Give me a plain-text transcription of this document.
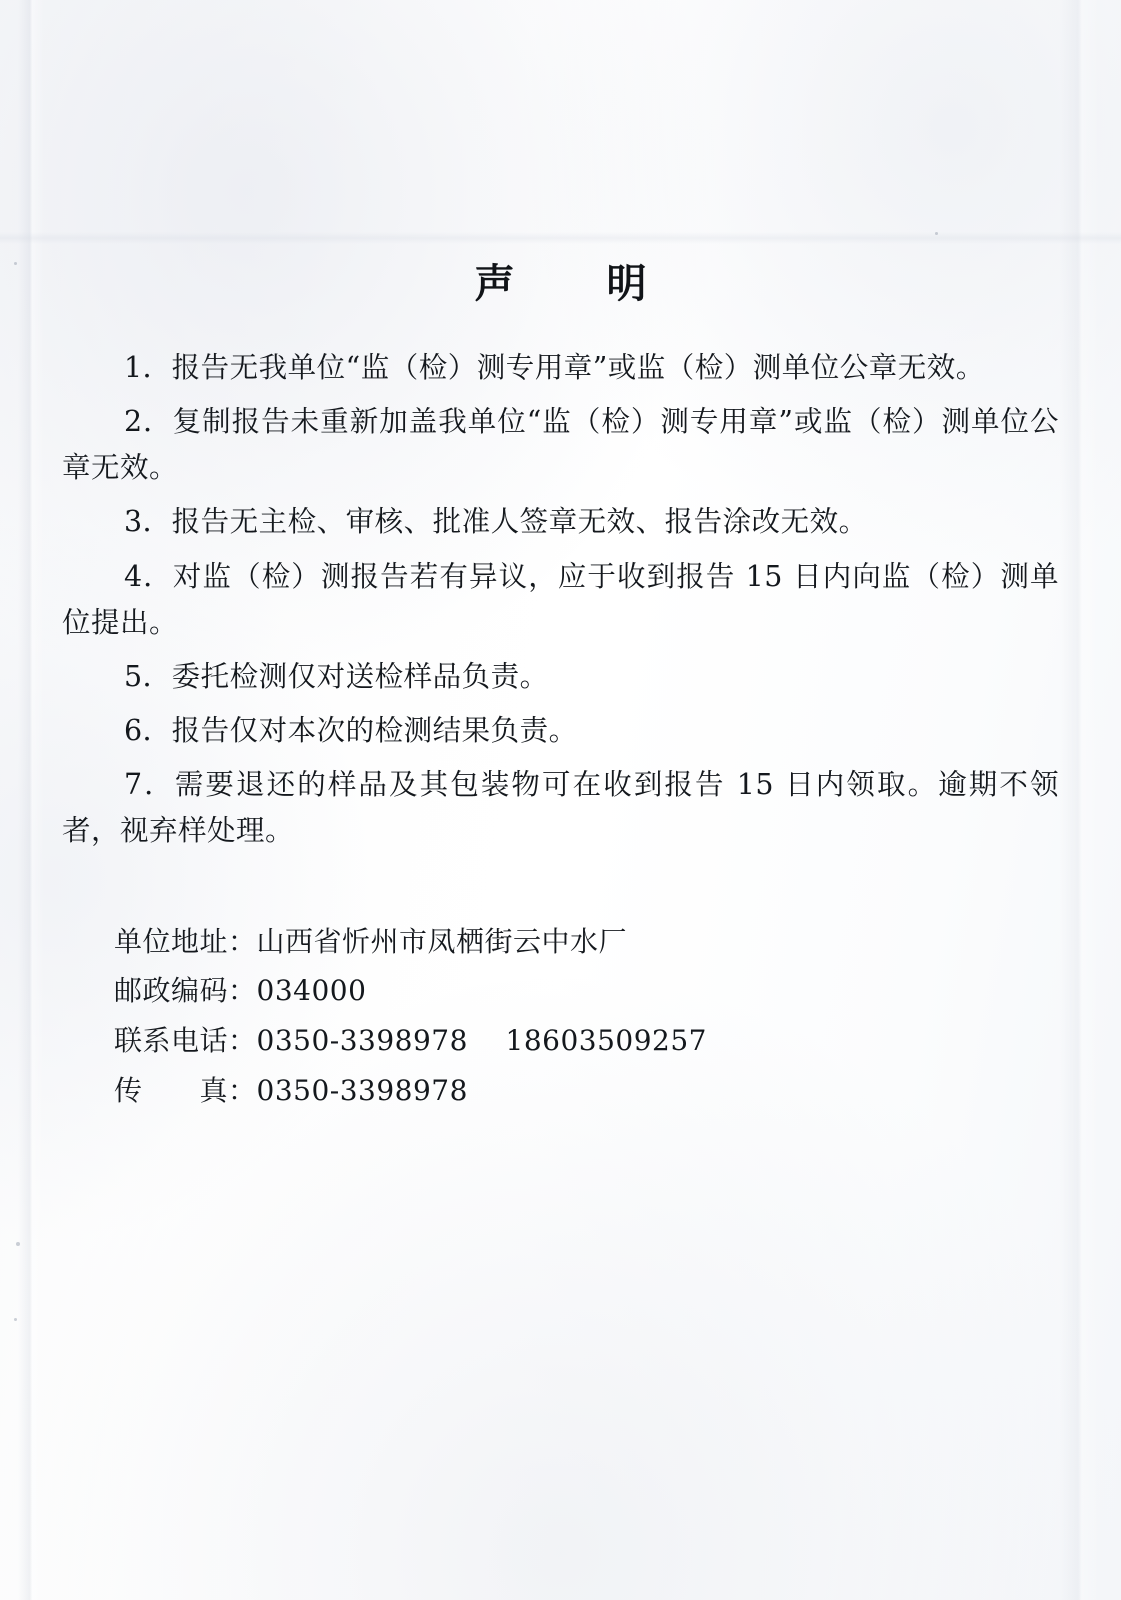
声　明
1．报告无我单位“监（检）测专用章”或监（检）测单位公章无效。
2．复制报告未重新加盖我单位“监（检）测专用章”或监（检）测单位公章无效。
3．报告无主检、审核、批准人签章无效、报告涂改无效。
4．对监（检）测报告若有异议，应于收到报告 15 日内向监（检）测单位提出。
5．委托检测仅对送检样品负责。
6．报告仅对本次的检测结果负责。
7．需要退还的样品及其包装物可在收到报告 15 日内领取。逾期不领者，视弃样处理。
单位地址：山西省忻州市凤栖街云中水厂
邮政编码：034000
联系电话：0350-3398978    18603509257
传　　真：0350-3398978
